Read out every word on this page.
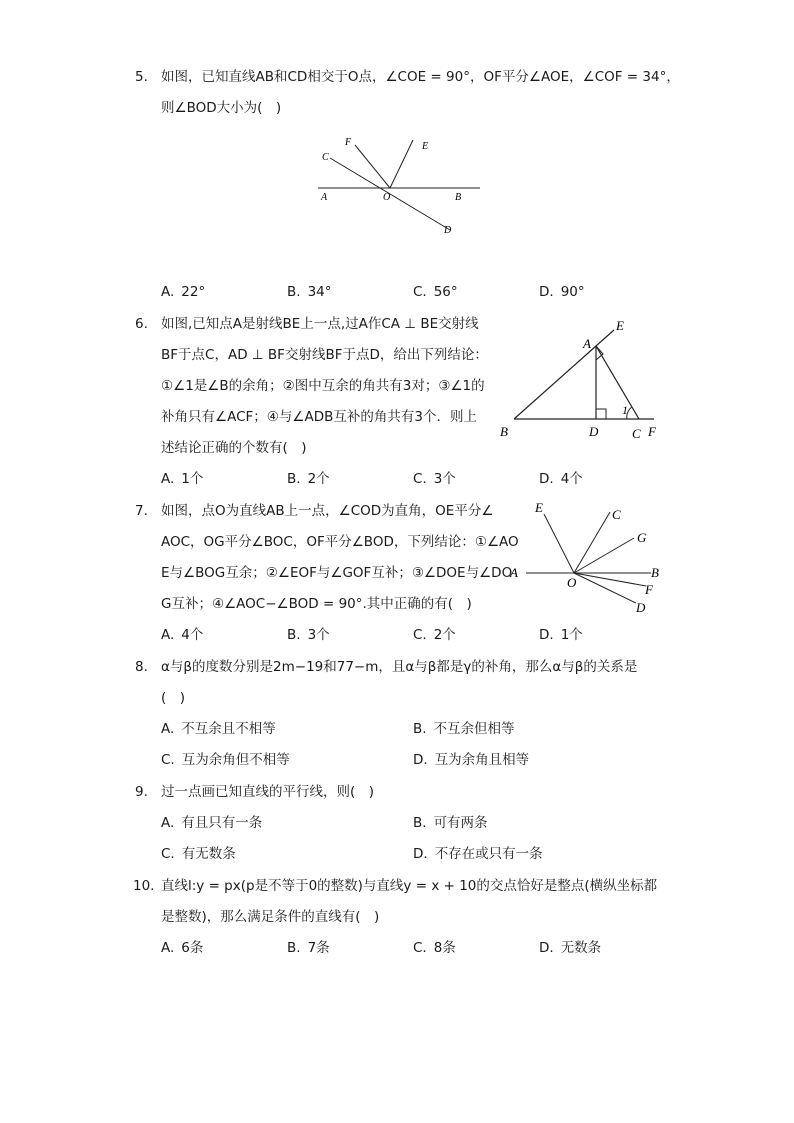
5. 如图，已知直线AB和CD相交于O点，∠COE = 90°，OF平分∠AOE，∠COF = 34°，
则∠BOD大小为(　)
C
F	E
A	O	B
D
A. 22°	B. 34°	C. 56°	D. 90°
6. 如图,已知点A是射线BE上一点,过A作CA ⊥ BE交射线
BF于点C，AD ⊥ BF交射线BF于点D，给出下列结论：
①∠1是∠B的余角；②图中互余的角共有3对；③∠1的
补角只有∠ACF；④与∠ADB互补的角共有3个．则上
述结论正确的个数有(　)
E
A
1
B	D	C F
A. 1个	B. 2个	C. 3个	D. 4个
7. 如图，点O为直线AB上一点，∠COD为直角，OE平分∠
AOC，OG平分∠BOC，OF平分∠BOD，下列结论：①∠AO
E与∠BOG互余；②∠EOF与∠GOF互补；③∠DOE与∠DO
G互补；④∠AOC−∠BOD = 90°.其中正确的有(　)
E	C
G
A
O
B
F
D
A. 4个	B. 3个	C. 2个	D. 1个
8. α与β的度数分别是2m−19和77−m，且α与β都是γ的补角，那么α与β的关系是
(　)
A. 不互余且不相等	B. 不互余但相等
C. 互为余角但不相等	D. 互为余角且相等
9. 过一点画已知直线的平行线，则(　)
A. 有且只有一条	B. 可有两条
C. 有无数条	D. 不存在或只有一条
10. 直线l:y = px(p是不等于0的整数)与直线y = x + 10的交点恰好是整点(横纵坐标都
是整数)，那么满足条件的直线有(　)
A. 6条	B. 7条	C. 8条	D. 无数条
